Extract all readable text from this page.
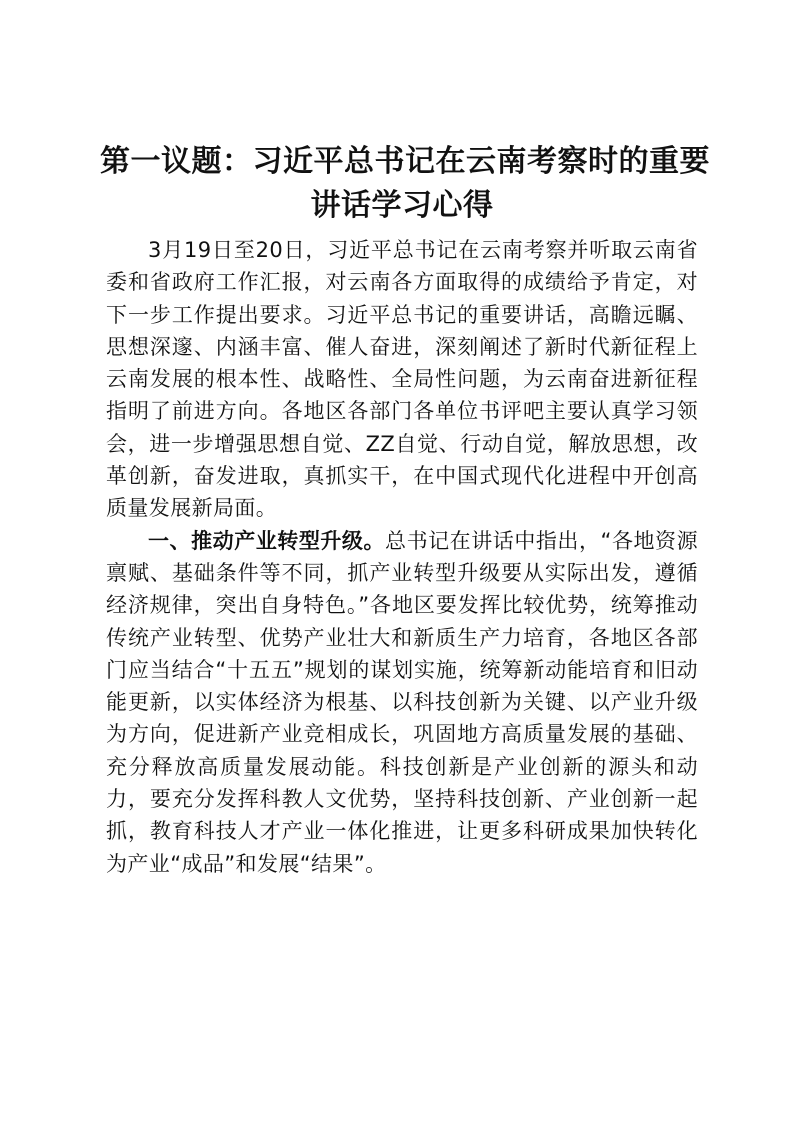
第一议题：习近平总书记在云南考察时的重要
讲话学习心得

3月19日至20日，习近平总书记在云南考察并听取云南省委和省政府工作汇报，对云南各方面取得的成绩给予肯定，对下一步工作提出要求。习近平总书记的重要讲话，高瞻远瞩、思想深邃、内涵丰富、催人奋进，深刻阐述了新时代新征程上云南发展的根本性、战略性、全局性问题，为云南奋进新征程指明了前进方向。各地区各部门各单位书评吧主要认真学习领会，进一步增强思想自觉、ZZ自觉、行动自觉，解放思想，改革创新，奋发进取，真抓实干，在中国式现代化进程中开创高质量发展新局面。

一、推动产业转型升级。总书记在讲话中指出，“各地资源禀赋、基础条件等不同，抓产业转型升级要从实际出发，遵循经济规律，突出自身特色。”各地区要发挥比较优势，统筹推动传统产业转型、优势产业壮大和新质生产力培育，各地区各部门应当结合“十五五”规划的谋划实施，统筹新动能培育和旧动能更新，以实体经济为根基、以科技创新为关键、以产业升级为方向，促进新产业竞相成长，巩固地方高质量发展的基础、充分释放高质量发展动能。科技创新是产业创新的源头和动力，要充分发挥科教人文优势，坚持科技创新、产业创新一起抓，教育科技人才产业一体化推进，让更多科研成果加快转化为产业“成品”和发展“结果”。
